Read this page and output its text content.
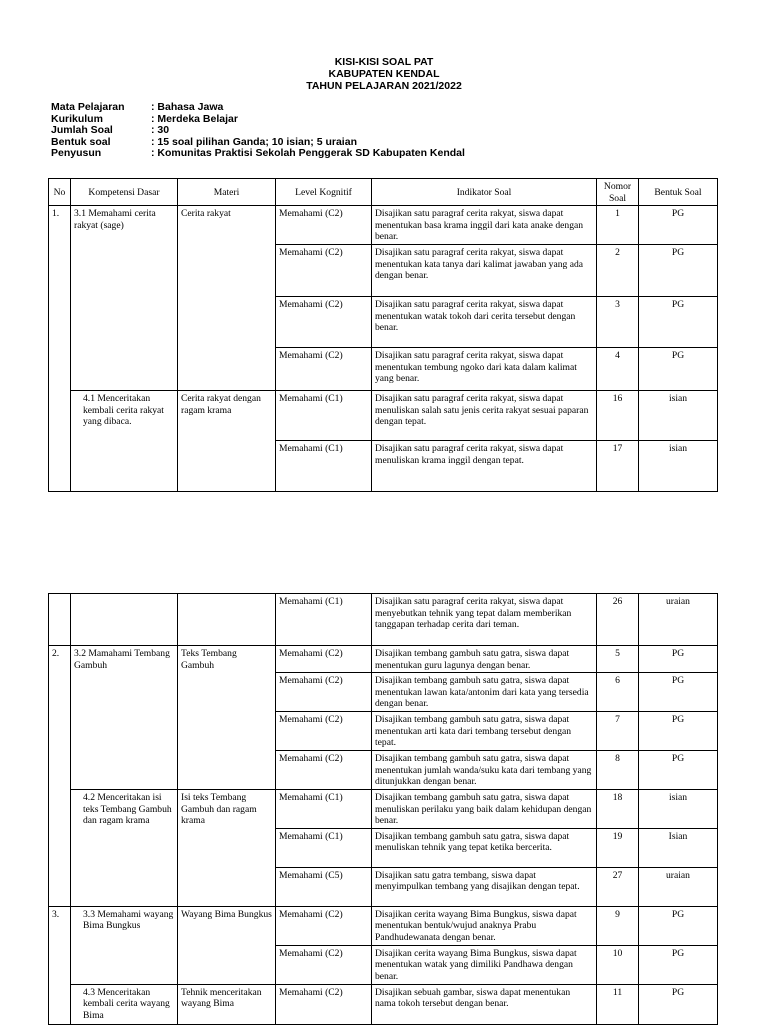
KISI-KISI SOAL PAT
KABUPATEN KENDAL
TAHUN PELAJARAN 2021/2022
Mata Pelajaran	: Bahasa Jawa
Kurikulum	: Merdeka Belajar
Jumlah Soal	: 30
Bentuk soal	: 15 soal pilihan Ganda; 10 isian; 5 uraian
Penyusun	: Komunitas Praktisi Sekolah Penggerak SD Kabupaten Kendal
No	Kompetensi Dasar	Materi	Level Kognitif	Indikator Soal	Nomor Soal	Bentuk Soal
1.	3.1 Memahami cerita rakyat (sage)	Cerita rakyat	Memahami (C2)	Disajikan satu paragraf cerita rakyat, siswa dapat menentukan basa krama inggil dari kata anake dengan benar.	1	PG
			Memahami (C2)	Disajikan satu paragraf cerita rakyat, siswa dapat menentukan kata tanya dari kalimat jawaban yang ada dengan benar.	2	PG
			Memahami (C2)	Disajikan satu paragraf cerita rakyat, siswa dapat menentukan watak tokoh dari cerita tersebut dengan benar.	3	PG
			Memahami (C2)	Disajikan satu paragraf cerita rakyat, siswa dapat menentukan tembung ngoko dari kata dalam kalimat yang benar.	4	PG
	4.1 Menceritakan kembali cerita rakyat yang dibaca.	Cerita rakyat dengan ragam krama	Memahami (C1)	Disajikan satu paragraf cerita rakyat, siswa dapat menuliskan salah satu jenis cerita rakyat sesuai paparan dengan tepat.	16	isian
			Memahami (C1)	Disajikan satu paragraf cerita rakyat, siswa dapat menuliskan krama inggil dengan tepat.	17	isian
			Memahami (C1)	Disajikan satu paragraf cerita rakyat, siswa dapat menyebutkan tehnik yang tepat dalam memberikan tanggapan terhadap cerita dari teman.	26	uraian
2.	3.2 Mamahami Tembang Gambuh	Teks Tembang Gambuh	Memahami (C2)	Disajikan tembang gambuh satu gatra, siswa dapat menentukan guru lagunya dengan benar.	5	PG
			Memahami (C2)	Disajikan tembang gambuh satu gatra, siswa dapat menentukan lawan kata/antonim dari kata yang tersedia dengan benar.	6	PG
			Memahami (C2)	Disajikan tembang gambuh satu gatra, siswa dapat menentukan arti kata dari tembang tersebut dengan tepat.	7	PG
			Memahami (C2)	Disajikan tembang gambuh satu gatra, siswa dapat menentukan jumlah wanda/suku kata dari tembang yang ditunjukkan dengan benar.	8	PG
	4.2 Menceritakan isi teks Tembang Gambuh dan ragam krama	Isi teks Tembang Gambuh dan ragam krama	Memahami (C1)	Disajikan tembang gambuh satu gatra, siswa dapat menuliskan perilaku yang baik dalam kehidupan dengan benar.	18	isian
			Memahami (C1)	Disajikan tembang gambuh satu gatra, siswa dapat menuliskan tehnik yang tepat ketika bercerita.	19	Isian
			Memahami (C5)	Disajikan satu gatra tembang, siswa dapat menyimpulkan tembang yang disajikan dengan tepat.	27	uraian
3.	3.3 Memahami wayang Bima Bungkus	Wayang Bima Bungkus	Memahami (C2)	Disajikan cerita wayang Bima Bungkus, siswa dapat menentukan bentuk/wujud anaknya Prabu Pandhudewanata dengan benar.	9	PG
			Memahami (C2)	Disajikan cerita wayang Bima Bungkus, siswa dapat menentukan watak yang dimiliki Pandhawa dengan benar.	10	PG
	4.3 Menceritakan kembali cerita wayang Bima	Tehnik menceritakan wayang Bima	Memahami (C2)	Disajikan sebuah gambar, siswa dapat menentukan nama tokoh tersebut dengan benar.	11	PG
